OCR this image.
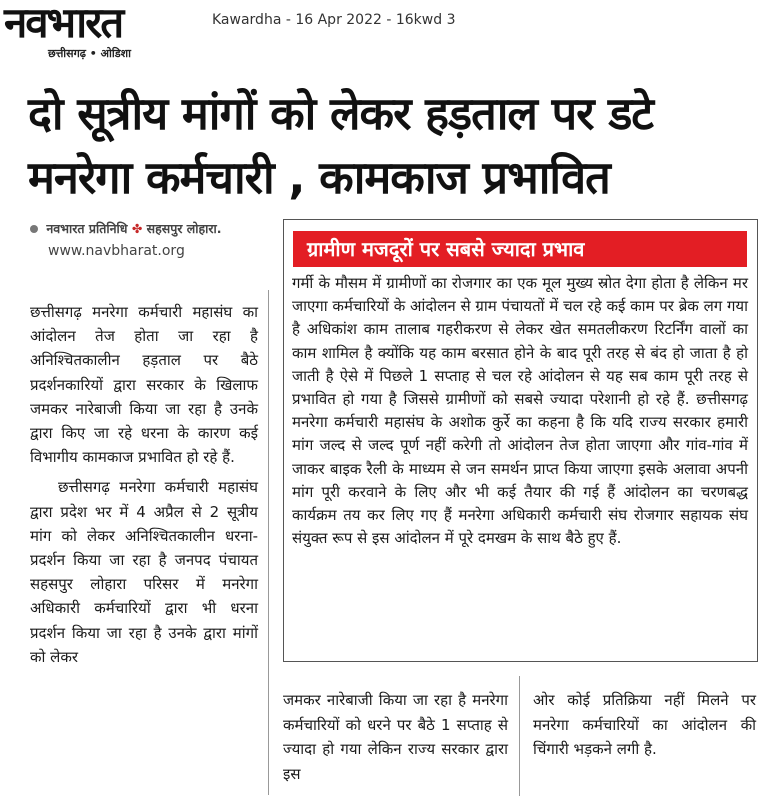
नवभारत
छत्तीसगढ़ • ओडिशा
Kawardha - 16 Apr 2022 - 16kwd 3
दो सूत्रीय मांगों को लेकर हड़ताल पर डटे मनरेगा कर्मचारी , कामकाज प्रभावित
नवभारत प्रतिनिधि ✤ सहसपुर लोहारा.
www.navbharat.org

छत्तीसगढ़ मनरेगा कर्मचारी महासंघ का आंदोलन तेज होता जा रहा है अनिश्चितकालीन हड़ताल पर बैठे प्रदर्शनकारियों द्वारा सरकार के खिलाफ जमकर नारेबाजी किया जा रहा है उनके द्वारा किए जा रहे धरना के कारण कई विभागीय कामकाज प्रभावित हो रहे हैं.

छत्तीसगढ़ मनरेगा कर्मचारी महासंघ द्वारा प्रदेश भर में 4 अप्रैल से 2 सूत्रीय मांग को लेकर अनिश्चितकालीन धरना-प्रदर्शन किया जा रहा है जनपद पंचायत सहसपुर लोहारा परिसर में मनरेगा अधिकारी कर्मचारियों द्वारा भी धरना प्रदर्शन किया जा रहा है उनके द्वारा मांगों को लेकर

ग्रामीण मजदूरों पर सबसे ज्यादा प्रभाव
गर्मी के मौसम में ग्रामीणों का रोजगार का एक मूल मुख्य स्रोत देगा होता है लेकिन मर जाएगा कर्मचारियों के आंदोलन से ग्राम पंचायतों में चल रहे कई काम पर ब्रेक लग गया है अधिकांश काम तालाब गहरीकरण से लेकर खेत समतलीकरण रिटर्निंग वालों का काम शामिल है क्योंकि यह काम बरसात होने के बाद पूरी तरह से बंद हो जाता है हो जाती है ऐसे में पिछले 1 सप्ताह से चल रहे आंदोलन से यह सब काम पूरी तरह से प्रभावित हो गया है जिससे ग्रामीणों को सबसे ज्यादा परेशानी हो रहे हैं. छत्तीसगढ़ मनरेगा कर्मचारी महासंघ के अशोक कुर्रे का कहना है कि यदि राज्य सरकार हमारी मांग जल्द से जल्द पूर्ण नहीं करेगी तो आंदोलन तेज होता जाएगा और गांव-गांव में जाकर बाइक रैली के माध्यम से जन समर्थन प्राप्त किया जाएगा इसके अलावा अपनी मांग पूरी करवाने के लिए और भी कई तैयार की गई हैं आंदोलन का चरणबद्ध कार्यक्रम तय कर लिए गए हैं मनरेगा अधिकारी कर्मचारी संघ रोजगार सहायक संघ संयुक्त रूप से इस आंदोलन में पूरे दमखम के साथ बैठे हुए हैं.
जमकर नारेबाजी किया जा रहा है मनरेगा कर्मचारियों को धरने पर बैठे 1 सप्ताह से ज्यादा हो गया लेकिन राज्य सरकार द्वारा इस
ओर कोई प्रतिक्रिया नहीं मिलने पर मनरेगा कर्मचारियों का आंदोलन की चिंगारी भड़कने लगी है.
